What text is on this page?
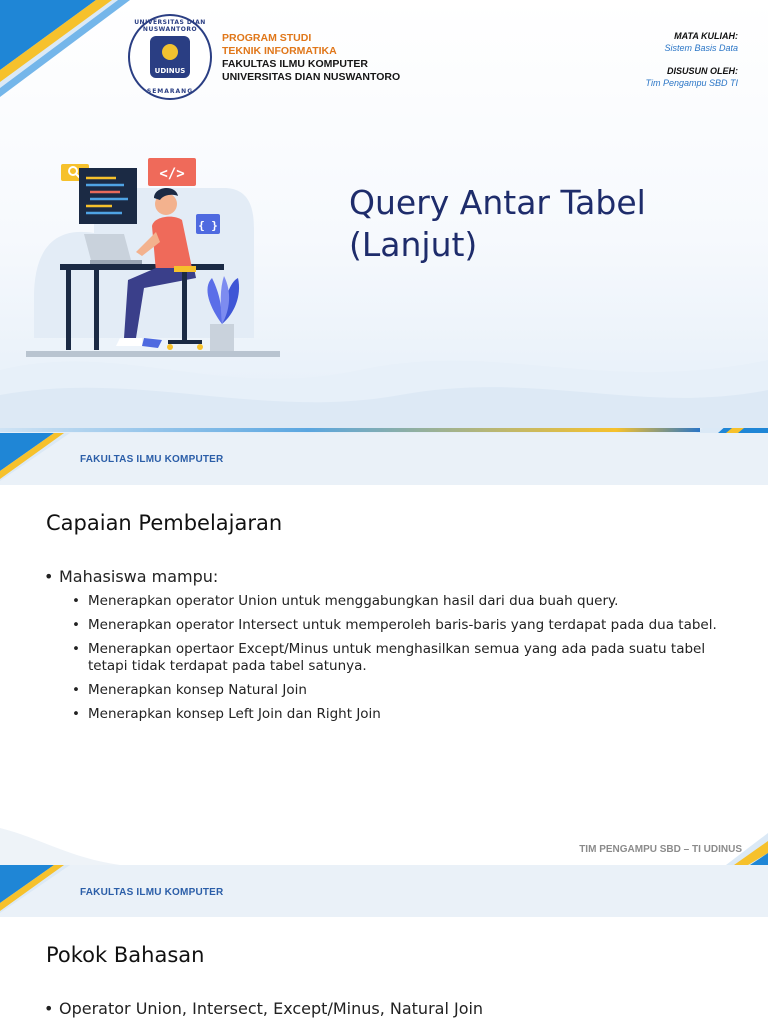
UNIVERSITAS DIAN NUSWANTORO
UDINUS
SEMARANG
PROGRAM STUDI
TEKNIK INFORMATIKA
FAKULTAS ILMU KOMPUTER
UNIVERSITAS DIAN NUSWANTORO
MATA KULIAH:
Sistem Basis Data
DISUSUN OLEH:
Tim Pengampu SBD TI
</>
{ }
Query Antar Tabel
(Lanjut)
FAKULTAS ILMU KOMPUTER
Capaian Pembelajaran
• Mahasiswa mampu:
• Menerapkan operator Union untuk menggabungkan hasil dari dua buah query.
• Menerapkan operator Intersect untuk memperoleh baris-baris yang terdapat pada dua tabel.
• Menerapkan opertaor Except/Minus untuk menghasilkan semua yang ada pada suatu tabel tetapi tidak terdapat pada tabel satunya.
• Menerapkan konsep Natural Join
• Menerapkan konsep Left Join dan Right Join
TIM PENGAMPU SBD – TI UDINUS
FAKULTAS ILMU KOMPUTER
Pokok Bahasan
• Operator Union, Intersect, Except/Minus, Natural Join
